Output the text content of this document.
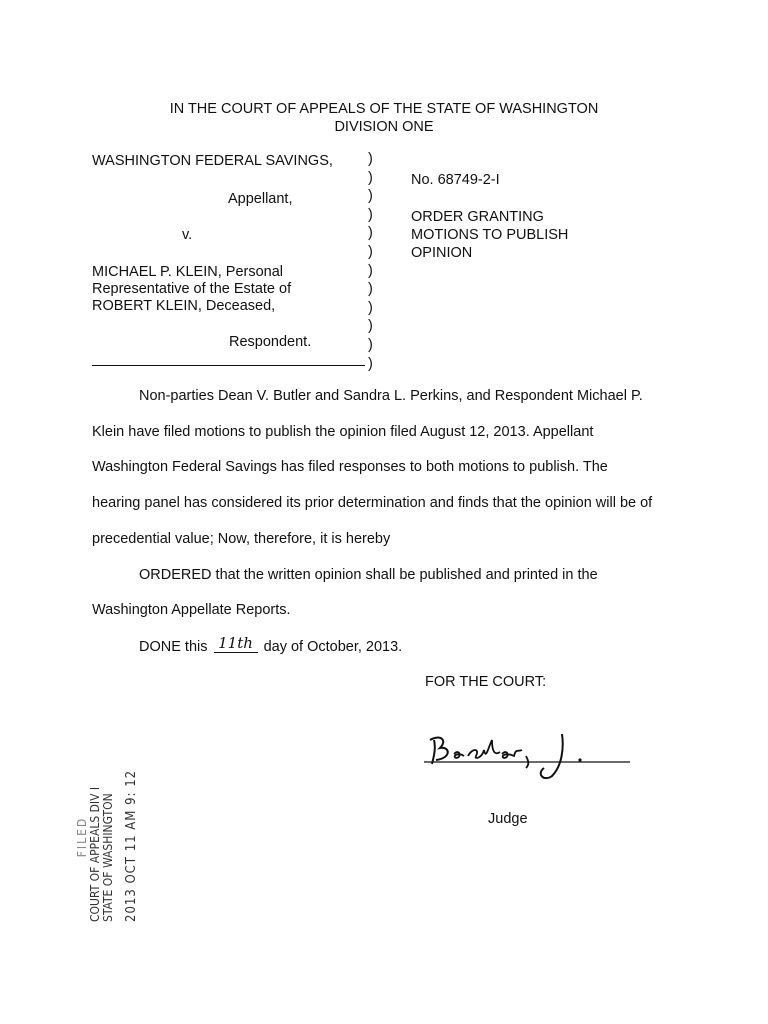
IN THE COURT OF APPEALS OF THE STATE OF WASHINGTON
DIVISION ONE
WASHINGTON FEDERAL SAVINGS,
Appellant,
v.
MICHAEL P. KLEIN, Personal
Representative of the Estate of
ROBERT KLEIN, Deceased,
Respondent.
)
)
)
)
)
)
)
)
)
)
)
)
No. 68749-2-I
ORDER GRANTING
MOTIONS TO PUBLISH
OPINION
Non-parties Dean V. Butler and Sandra L. Perkins, and Respondent Michael P.
Klein have filed motions to publish the opinion filed August 12, 2013. Appellant
Washington Federal Savings has filed responses to both motions to publish. The
hearing panel has considered its prior determination and finds that the opinion will be of
precedential value; Now, therefore, it is hereby
ORDERED that the written opinion shall be published and printed in the
Washington Appellate Reports.
DONE this 11th day of October, 2013.
FOR THE COURT:
Judge
FILED COURT OF APPEALS DIV I STATE OF WASHINGTON 2013 OCT 11 AM 9: 12
